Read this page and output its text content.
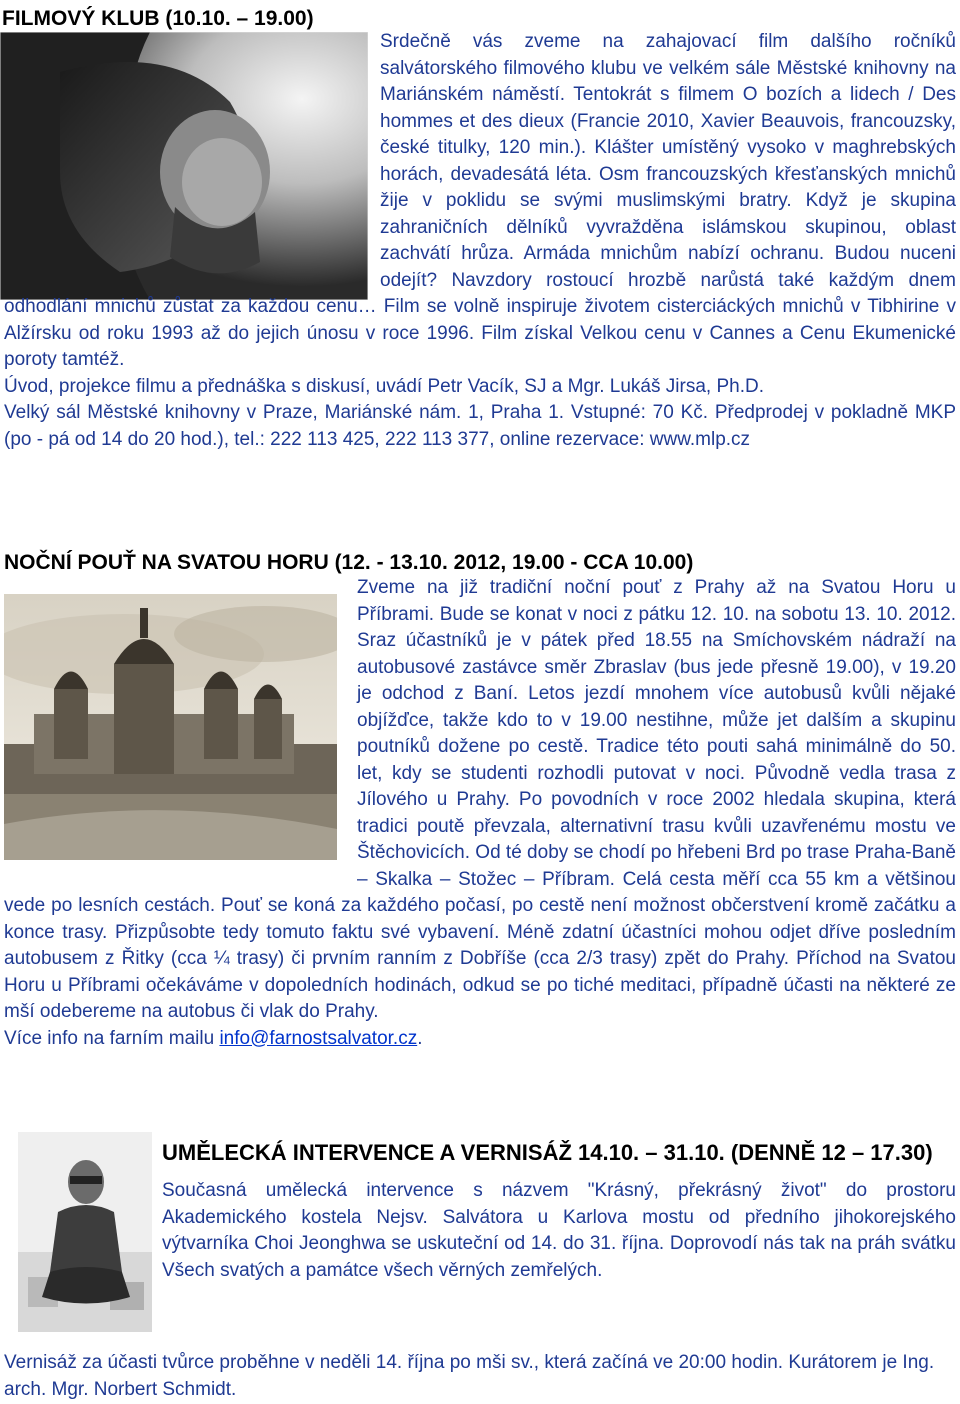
FILMOVÝ KLUB (10.10. – 19.00)

Srdečně vás zveme na zahajovací film dalšího ročníků salvátorského filmového klubu ve velkém sále Městské knihovny na Mariánském náměstí. Tentokrát s filmem O bozích a lidech / Des hommes et des dieux (Francie 2010, Xavier Beauvois, francouzsky, české titulky, 120 min.). Klášter umístěný vysoko v maghrebských horách, devadesátá léta. Osm francouzských křesťanských mnichů žije v poklidu se svými muslimskými bratry. Když je skupina zahraničních dělníků vyvražděna islámskou skupinou, oblast zachvátí hrůza. Armáda mnichům nabízí ochranu. Budou nuceni odejít? Navzdory rostoucí hrozbě narůstá také každým dnem odhodlání mnichů zůstat za každou cenu… Film se volně inspiruje životem cisterciáckých mnichů v Tibhirine v Alžírsku od roku 1993 až do jejich únosu v roce 1996. Film získal Velkou cenu v Cannes a Cenu Ekumenické poroty tamtéž.

Úvod, projekce filmu a přednáška s diskusí, uvádí Petr Vacík, SJ a Mgr. Lukáš Jirsa, Ph.D.

Velký sál Městské knihovny v Praze, Mariánské nám. 1, Praha 1. Vstupné: 70 Kč. Předprodej v pokladně MKP (po - pá od 14 do 20 hod.), tel.: 222 113 425, 222 113 377, online rezervace: www.mlp.cz

NOČNÍ POUŤ NA SVATOU HORU (12. - 13.10. 2012, 19.00 - CCA 10.00)

Zveme na již tradiční noční pouť z Prahy až na Svatou Horu u Příbrami. Bude se konat v noci z pátku 12. 10. na sobotu 13. 10. 2012. Sraz účastníků je v pátek před 18.55 na Smíchovském nádraží na autobusové zastávce směr Zbraslav (bus jede přesně 19.00), v 19.20 je odchod z Baní. Letos jezdí mnohem více autobusů kvůli nějaké objížďce, takže kdo to v 19.00 nestihne, může jet dalším a skupinu poutníků dožene po cestě. Tradice této pouti sahá minimálně do 50. let, kdy se studenti rozhodli putovat v noci. Původně vedla trasa z Jílového u Prahy. Po povodních v roce 2002 hledala skupina, která tradici poutě převzala, alternativní trasu kvůli uzavřenému mostu ve Štěchovicích. Od té doby se chodí po hřebeni Brd po trase Praha-Baně – Skalka – Stožec – Příbram. Celá cesta měří cca 55 km a většinou vede po lesních cestách. Pouť se koná za každého počasí, po cestě není možnost občerstvení kromě začátku a konce trasy. Přizpůsobte tedy tomuto faktu své vybavení. Méně zdatní účastníci mohou odjet dříve posledním autobusem z Řitky (cca ¼ trasy) či prvním ranním z Dobříše (cca 2/3 trasy) zpět do Prahy. Příchod na Svatou Horu u Příbrami očekáváme v dopoledních hodinách, odkud se po tiché meditaci, případně účasti na některé ze mší odebereme na autobus či vlak do Prahy.

Více info na farním mailu info@farnostsalvator.cz.

UMĚLECKÁ INTERVENCE A VERNISÁŽ 14.10. – 31.10. (DENNĚ 12 – 17.30)

Současná umělecká intervence s názvem "Krásný, překrásný život" do prostoru Akademického kostela Nejsv. Salvátora u Karlova mostu od předního jihokorejského výtvarníka Choi Jeonghwa se uskuteční od 14. do 31. října. Doprovodí nás tak na práh svátku Všech svatých a památce všech věrných zemřelých.

Vernisáž za účasti tvůrce proběhne v neděli 14. října po mši sv., která začíná ve 20:00 hodin. Kurátorem je Ing. arch. Mgr. Norbert Schmidt.
